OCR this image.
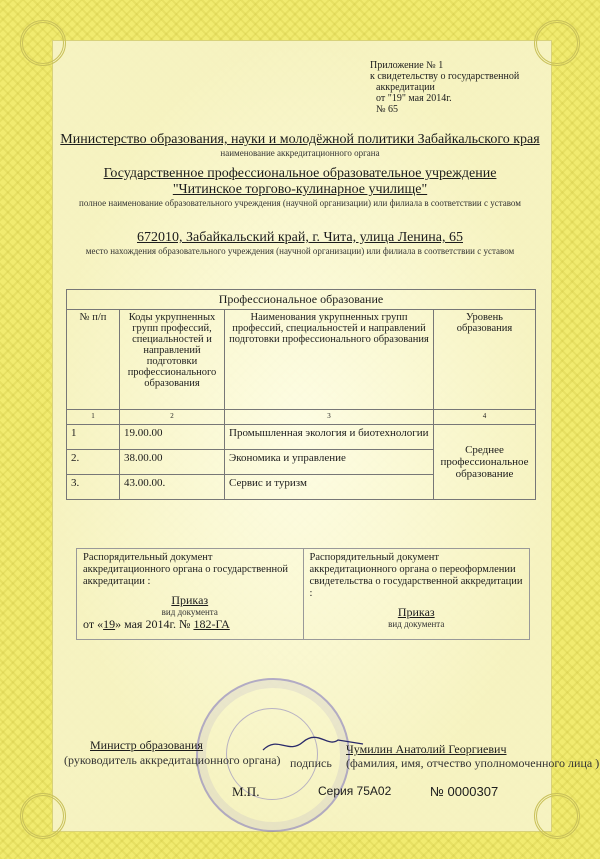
Приложение № 1
к свидетельству о государственной
аккредитации
от "19" мая 2014г.
№ 65
Министерство образования, науки и молодёжной политики Забайкальского края
наименование аккредитационного органа
Государственное профессиональное образовательное учреждение
"Читинское торгово-кулинарное училище"
полное наименование образовательного учреждения (научной организации) или филиала в соответствии с уставом
672010, Забайкальский край, г. Чита, улица Ленина, 65
место нахождения образовательного учреждения (научной организации) или филиала в соответствии с уставом
Профессиональное образование			
№ п/п	Коды укрупненных групп профессий, специальностей и направлений подготовки профессионального образования	Наименования укрупненных групп профессий, специальностей и направлений подготовки профессионального образования	Уровень образования
1	2	3	4
1	19.00.00	Промышленная экология и биотехнологии	Среднее профессиональное образование
2.	38.00.00	Экономика и управление	
3.	43.00.00.	Сервис и туризм	
Распорядительный документ аккредитационного органа о государственной аккредитации :
Приказ
вид документа
от «19» мая 2014г. № 182-ГА
Распорядительный документ аккредитационного органа о переоформлении свидетельства о государственной аккредитации :
Приказ
вид документа
Министр образования
(руководитель аккредитационного органа) подпись
Чумилин Анатолий Георгиевич
(фамилия, имя, отчество уполномоченного лица )
М.П.	Серия 75А02	№ 0000307
